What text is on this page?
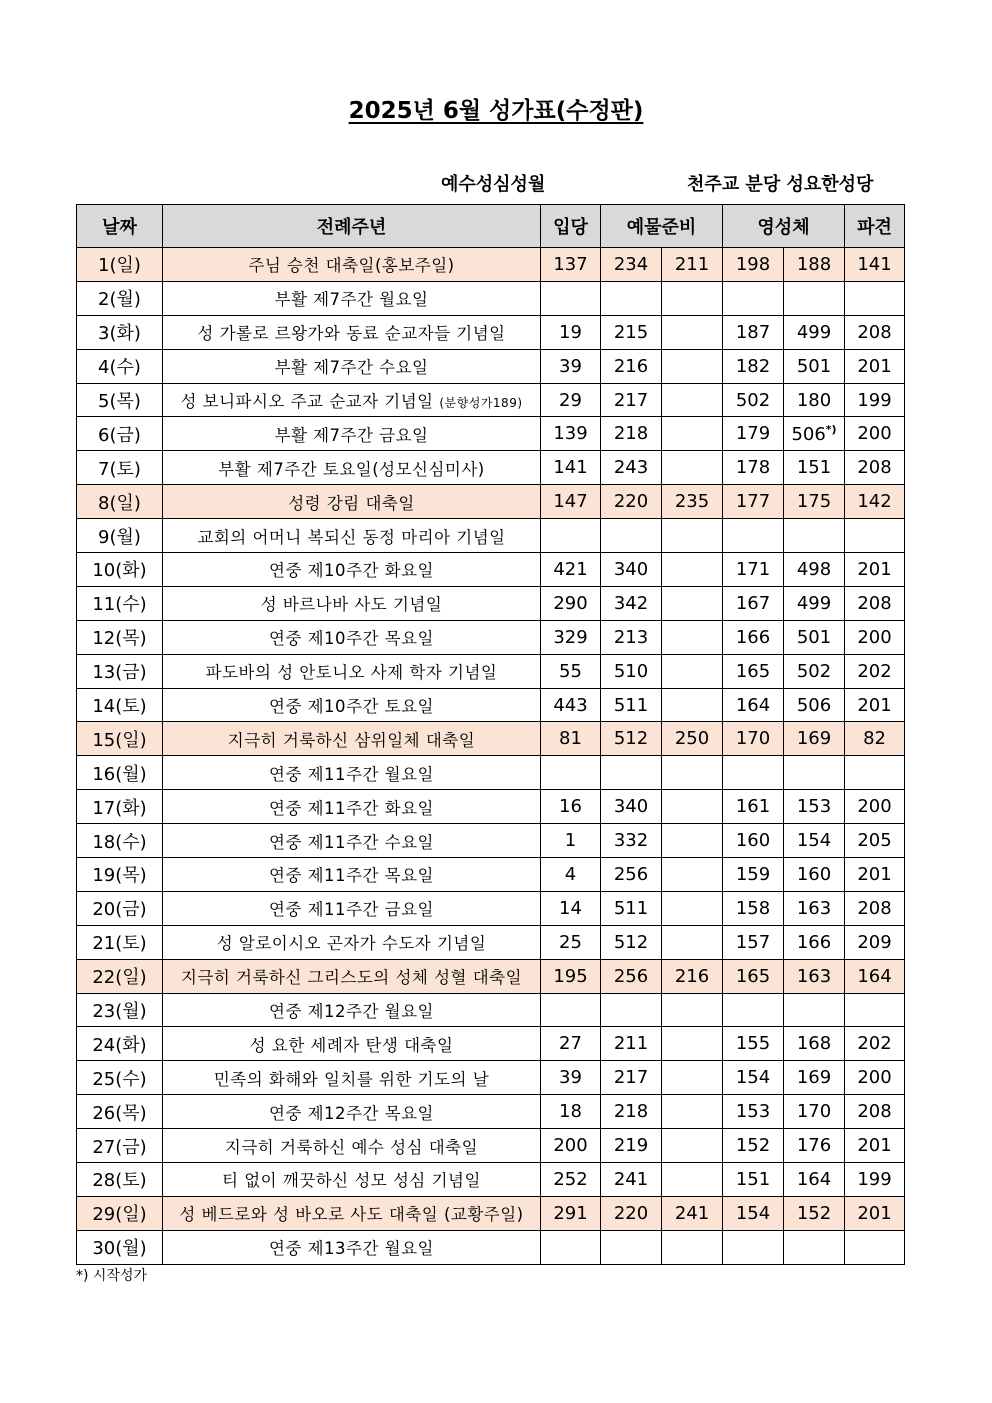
2025년 6월 성가표(수정판)
예수성심성월	천주교 분당 성요한성당
날짜	전례주년	입당	예물준비		영성체		파견
1(일)	주님 승천 대축일(홍보주일)	137	234	211	198	188	141
2(월)	부활 제7주간 월요일						
3(화)	성 가롤로 르왕가와 동료 순교자들 기념일	19	215		187	499	208
4(수)	부활 제7주간 수요일	39	216		182	501	201
5(목)	성 보니파시오 주교 순교자 기념일 (분향성가189)	29	217		502	180	199
6(금)	부활 제7주간 금요일	139	218		179	506*)	200
7(토)	부활 제7주간 토요일(성모신심미사)	141	243		178	151	208
8(일)	성령 강림 대축일	147	220	235	177	175	142
9(월)	교회의 어머니 복되신 동정 마리아 기념일						
10(화)	연중 제10주간 화요일	421	340		171	498	201
11(수)	성 바르나바 사도 기념일	290	342		167	499	208
12(목)	연중 제10주간 목요일	329	213		166	501	200
13(금)	파도바의 성 안토니오 사제 학자 기념일	55	510		165	502	202
14(토)	연중 제10주간 토요일	443	511		164	506	201
15(일)	지극히 거룩하신 삼위일체 대축일	81	512	250	170	169	82
16(월)	연중 제11주간 월요일						
17(화)	연중 제11주간 화요일	16	340		161	153	200
18(수)	연중 제11주간 수요일	1	332		160	154	205
19(목)	연중 제11주간 목요일	4	256		159	160	201
20(금)	연중 제11주간 금요일	14	511		158	163	208
21(토)	성 알로이시오 곤자가 수도자 기념일	25	512		157	166	209
22(일)	지극히 거룩하신 그리스도의 성체 성혈 대축일	195	256	216	165	163	164
23(월)	연중 제12주간 월요일						
24(화)	성 요한 세례자 탄생 대축일	27	211		155	168	202
25(수)	민족의 화해와 일치를 위한 기도의 날	39	217		154	169	200
26(목)	연중 제12주간 목요일	18	218		153	170	208
27(금)	지극히 거룩하신 예수 성심 대축일	200	219		152	176	201
28(토)	티 없이 깨끗하신 성모 성심 기념일	252	241		151	164	199
29(일)	성 베드로와 성 바오로 사도 대축일 (교황주일)	291	220	241	154	152	201
30(월)	연중 제13주간 월요일						
*) 시작성가
